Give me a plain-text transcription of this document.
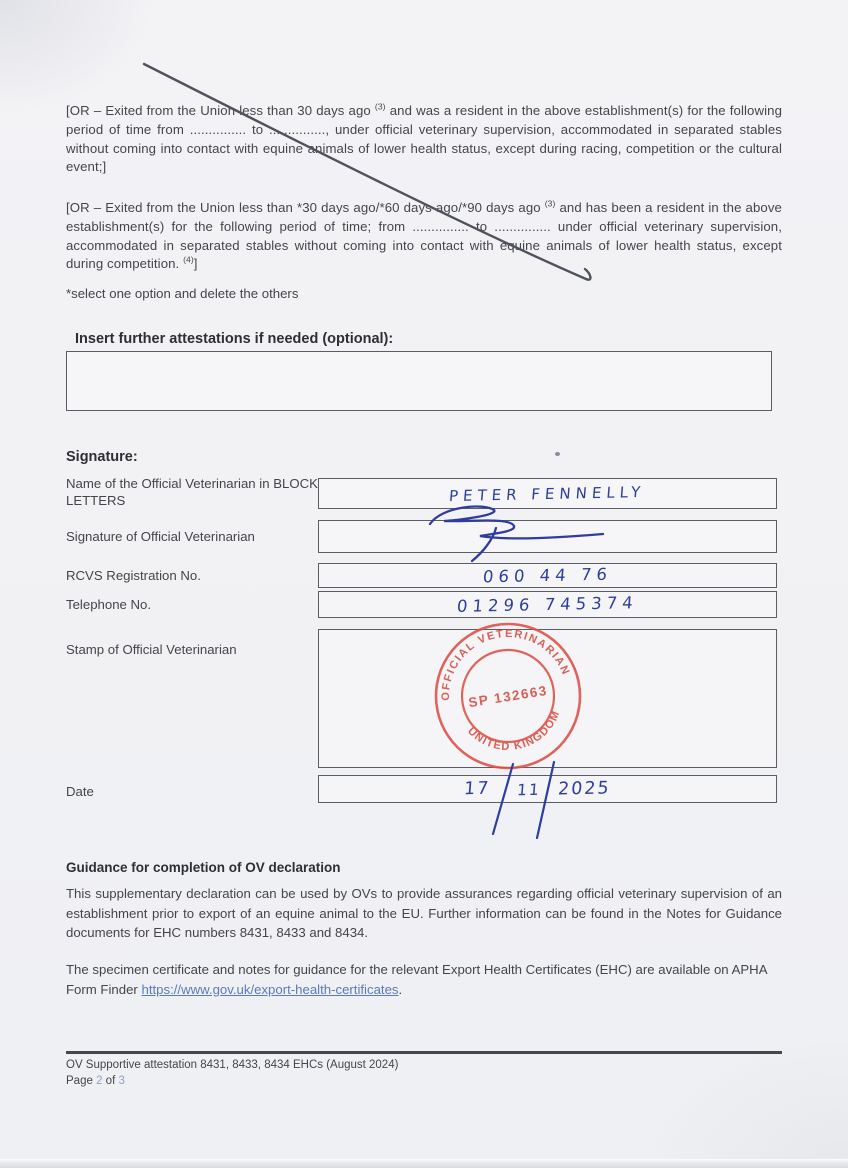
[OR – Exited from the Union less than 30 days ago $^{(3)}$ and was a resident in the above establishment(s) for the following period of time from ............... to ..............., under official veterinary supervision, accommodated in separated stables without coming into contact with equine animals of lower health status, except during racing, competition or the cultural event;]

[OR – Exited from the Union less than *30 days ago/*60 days ago/*90 days ago $^{(3)}$ and has been a resident in the above establishment(s) for the following period of time; from ............... to ............... under official veterinary supervision, accommodated in separated stables without coming into contact with equine animals of lower health status, except during competition. $^{(4)}$]

*select one option and delete the others

Insert further attestations if needed (optional):

Signature:

Name of the Official Veterinarian in BLOCK LETTERS	PETER FENNELLY

Signature of Official Veterinarian

RCVS Registration No.	060 44 76

Telephone No.	01296 745374

Stamp of Official Veterinarian

OFFICIAL VETERINARIAN
UNITED KINGDOM
SP 132663

Date	17 11 2025

Guidance for completion of OV declaration

This supplementary declaration can be used by OVs to provide assurances regarding official veterinary supervision of an establishment prior to export of an equine animal to the EU. Further information can be found in the Notes for Guidance documents for EHC numbers 8431, 8433 and 8434.

The specimen certificate and notes for guidance for the relevant Export Health Certificates (EHC) are available on APHA Form Finder https://www.gov.uk/export-health-certificates.

OV Supportive attestation 8431, 8433, 8434 EHCs (August 2024)

Page 2 of 3
